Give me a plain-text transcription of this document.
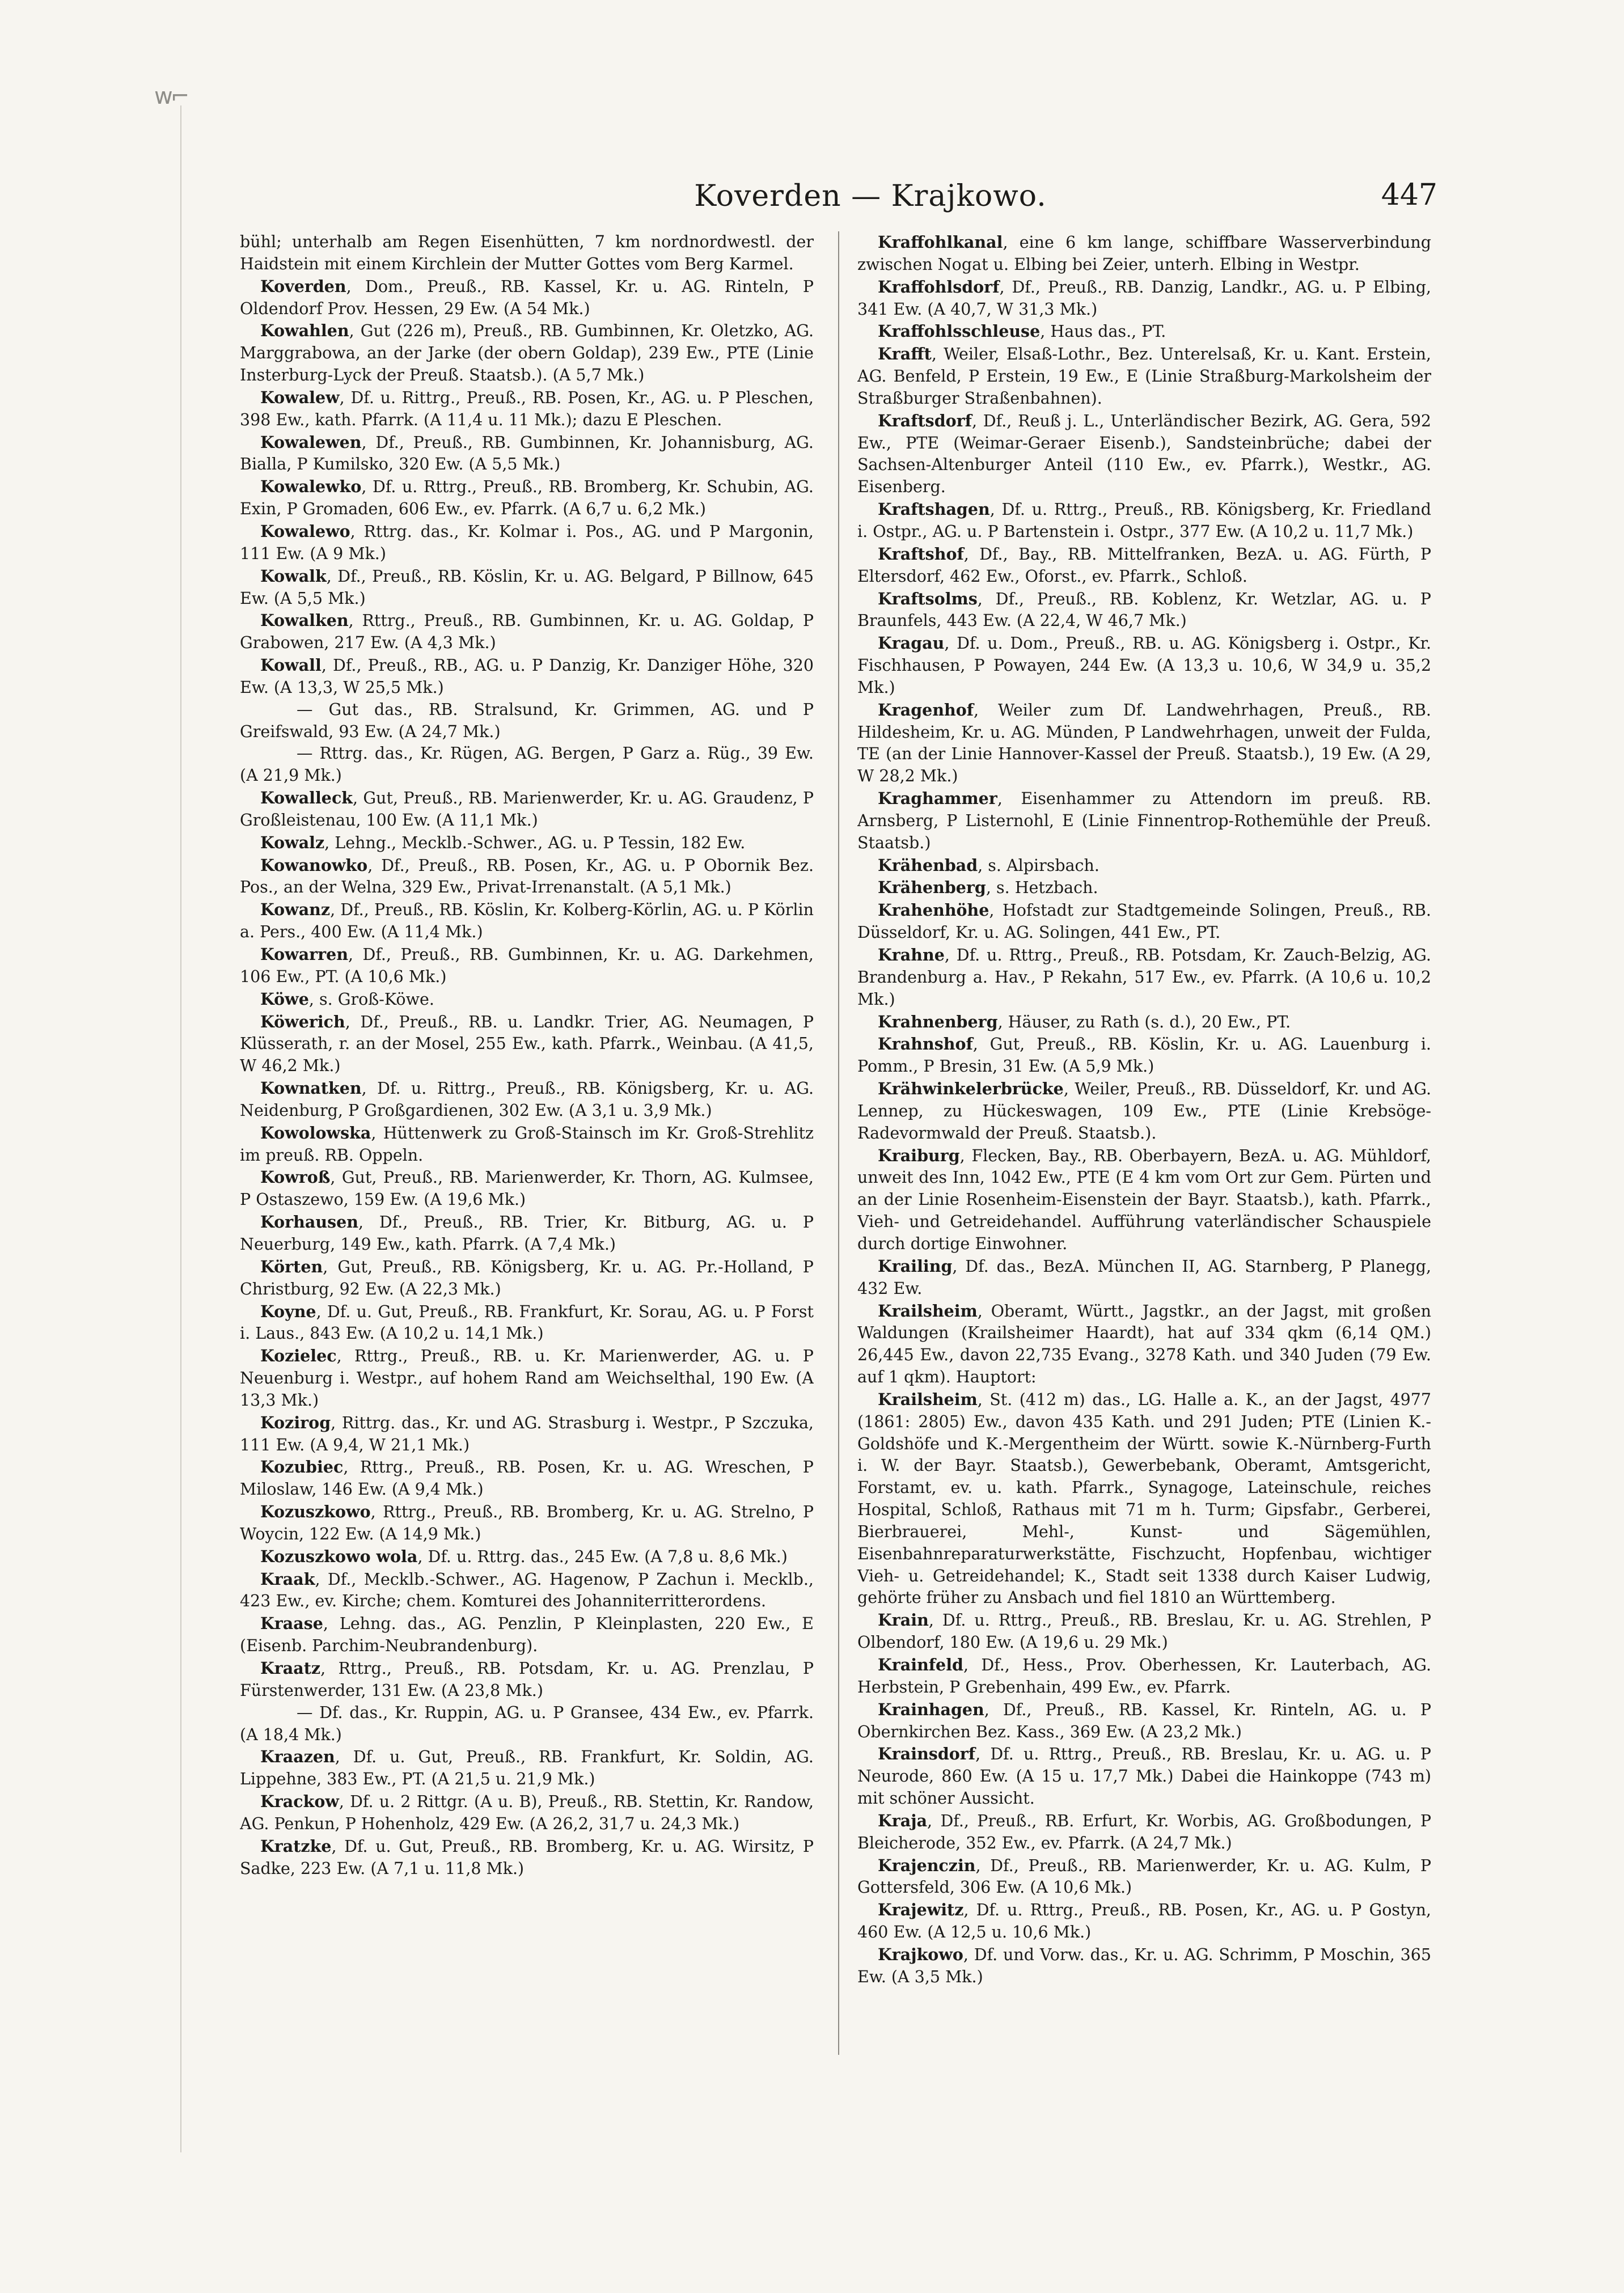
ᴡ⌐
Koverden — Krajkowo.	447

bühl; unterhalb am Regen Eisenhütten, 7 km nordnordwestl. der Haidstein mit einem Kirchlein der Mutter Gottes vom Berg Karmel.

Koverden, Dom., Preuß., RB. Kassel, Kr. u. AG. Rinteln, P Oldendorf Prov. Hessen, 29 Ew. (A 54 Mk.)

Kowahlen, Gut (226 m), Preuß., RB. Gumbinnen, Kr. Oletzko, AG. Marggrabowa, an der Jarke (der obern Goldap), 239 Ew., PTE (Linie Insterburg-Lyck der Preuß. Staatsb.). (A 5,7 Mk.)

Kowalew, Df. u. Rittrg., Preuß., RB. Posen, Kr., AG. u. P Pleschen, 398 Ew., kath. Pfarrk. (A 11,4 u. 11 Mk.); dazu E Pleschen.

Kowalewen, Df., Preuß., RB. Gumbinnen, Kr. Johannisburg, AG. Bialla, P Kumilsko, 320 Ew. (A 5,5 Mk.)

Kowalewko, Df. u. Rttrg., Preuß., RB. Bromberg, Kr. Schubin, AG. Exin, P Gromaden, 606 Ew., ev. Pfarrk. (A 6,7 u. 6,2 Mk.)

Kowalewo, Rttrg. das., Kr. Kolmar i. Pos., AG. und P Margonin, 111 Ew. (A 9 Mk.)

Kowalk, Df., Preuß., RB. Köslin, Kr. u. AG. Belgard, P Billnow, 645 Ew. (A 5,5 Mk.)

Kowalken, Rttrg., Preuß., RB. Gumbinnen, Kr. u. AG. Goldap, P Grabowen, 217 Ew. (A 4,3 Mk.)

Kowall, Df., Preuß., RB., AG. u. P Danzig, Kr. Danziger Höhe, 320 Ew. (A 13,3, W 25,5 Mk.)

— Gut das., RB. Stralsund, Kr. Grimmen, AG. und P Greifswald, 93 Ew. (A 24,7 Mk.)

— Rttrg. das., Kr. Rügen, AG. Bergen, P Garz a. Rüg., 39 Ew. (A 21,9 Mk.)

Kowalleck, Gut, Preuß., RB. Marienwerder, Kr. u. AG. Graudenz, P Großleistenau, 100 Ew. (A 11,1 Mk.)

Kowalz, Lehng., Mecklb.-Schwer., AG. u. P Tessin, 182 Ew.

Kowanowko, Df., Preuß., RB. Posen, Kr., AG. u. P Obornik Bez. Pos., an der Welna, 329 Ew., Privat-Irrenanstalt. (A 5,1 Mk.)

Kowanz, Df., Preuß., RB. Köslin, Kr. Kolberg-Körlin, AG. u. P Körlin a. Pers., 400 Ew. (A 11,4 Mk.)

Kowarren, Df., Preuß., RB. Gumbinnen, Kr. u. AG. Darkehmen, 106 Ew., PT. (A 10,6 Mk.)

Köwe, s. Groß-Köwe.

Köwerich, Df., Preuß., RB. u. Landkr. Trier, AG. Neumagen, P Klüsserath, r. an der Mosel, 255 Ew., kath. Pfarrk., Weinbau. (A 41,5, W 46,2 Mk.)

Kownatken, Df. u. Rittrg., Preuß., RB. Königsberg, Kr. u. AG. Neidenburg, P Großgardienen, 302 Ew. (A 3,1 u. 3,9 Mk.)

Kowolowska, Hüttenwerk zu Groß-Stainsch im Kr. Groß-Strehlitz im preuß. RB. Oppeln.

Kowroß, Gut, Preuß., RB. Marienwerder, Kr. Thorn, AG. Kulmsee, P Ostaszewo, 159 Ew. (A 19,6 Mk.)

Korhausen, Df., Preuß., RB. Trier, Kr. Bitburg, AG. u. P Neuerburg, 149 Ew., kath. Pfarrk. (A 7,4 Mk.)

Körten, Gut, Preuß., RB. Königsberg, Kr. u. AG. Pr.-Holland, P Christburg, 92 Ew. (A 22,3 Mk.)

Koyne, Df. u. Gut, Preuß., RB. Frankfurt, Kr. Sorau, AG. u. P Forst i. Laus., 843 Ew. (A 10,2 u. 14,1 Mk.)

Kozielec, Rttrg., Preuß., RB. u. Kr. Marienwerder, AG. u. P Neuenburg i. Westpr., auf hohem Rand am Weichselthal, 190 Ew. (A 13,3 Mk.)

Kozirog, Rittrg. das., Kr. und AG. Strasburg i. Westpr., P Szczuka, 111 Ew. (A 9,4, W 21,1 Mk.)

Kozubiec, Rttrg., Preuß., RB. Posen, Kr. u. AG. Wreschen, P Miloslaw, 146 Ew. (A 9,4 Mk.)

Kozuszkowo, Rttrg., Preuß., RB. Bromberg, Kr. u. AG. Strelno, P Woycin, 122 Ew. (A 14,9 Mk.)

Kozuszkowo wola, Df. u. Rttrg. das., 245 Ew. (A 7,8 u. 8,6 Mk.)

Kraak, Df., Mecklb.-Schwer., AG. Hagenow, P Zachun i. Mecklb., 423 Ew., ev. Kirche; chem. Komturei des Johanniterritterordens.

Kraase, Lehng. das., AG. Penzlin, P Kleinplasten, 220 Ew., E (Eisenb. Parchim-Neubrandenburg).

Kraatz, Rttrg., Preuß., RB. Potsdam, Kr. u. AG. Prenzlau, P Fürstenwerder, 131 Ew. (A 23,8 Mk.)

— Df. das., Kr. Ruppin, AG. u. P Gransee, 434 Ew., ev. Pfarrk. (A 18,4 Mk.)

Kraazen, Df. u. Gut, Preuß., RB. Frankfurt, Kr. Soldin, AG. Lippehne, 383 Ew., PT. (A 21,5 u. 21,9 Mk.)

Krackow, Df. u. 2 Rittgr. (A u. B), Preuß., RB. Stettin, Kr. Randow, AG. Penkun, P Hohenholz, 429 Ew. (A 26,2, 31,7 u. 24,3 Mk.)

Kratzke, Df. u. Gut, Preuß., RB. Bromberg, Kr. u. AG. Wirsitz, P Sadke, 223 Ew. (A 7,1 u. 11,8 Mk.)

Kraffohlkanal, eine 6 km lange, schiffbare Wasserverbindung zwischen Nogat u. Elbing bei Zeier, unterh. Elbing in Westpr.

Kraffohlsdorf, Df., Preuß., RB. Danzig, Landkr., AG. u. P Elbing, 341 Ew. (A 40,7, W 31,3 Mk.)

Kraffohlsschleuse, Haus das., PT.

Krafft, Weiler, Elsaß-Lothr., Bez. Unterelsaß, Kr. u. Kant. Erstein, AG. Benfeld, P Erstein, 19 Ew., E (Linie Straßburg-Markolsheim der Straßburger Straßenbahnen).

Kraftsdorf, Df., Reuß j. L., Unterländischer Bezirk, AG. Gera, 592 Ew., PTE (Weimar-Geraer Eisenb.), Sandsteinbrüche; dabei der Sachsen-Altenburger Anteil (110 Ew., ev. Pfarrk.), Westkr., AG. Eisenberg.

Kraftshagen, Df. u. Rttrg., Preuß., RB. Königsberg, Kr. Friedland i. Ostpr., AG. u. P Bartenstein i. Ostpr., 377 Ew. (A 10,2 u. 11,7 Mk.)

Kraftshof, Df., Bay., RB. Mittelfranken, BezA. u. AG. Fürth, P Eltersdorf, 462 Ew., Oforst., ev. Pfarrk., Schloß.

Kraftsolms, Df., Preuß., RB. Koblenz, Kr. Wetzlar, AG. u. P Braunfels, 443 Ew. (A 22,4, W 46,7 Mk.)

Kragau, Df. u. Dom., Preuß., RB. u. AG. Königsberg i. Ostpr., Kr. Fischhausen, P Powayen, 244 Ew. (A 13,3 u. 10,6, W 34,9 u. 35,2 Mk.)

Kragenhof, Weiler zum Df. Landwehrhagen, Preuß., RB. Hildesheim, Kr. u. AG. Münden, P Landwehrhagen, unweit der Fulda, TE (an der Linie Hannover-Kassel der Preuß. Staatsb.), 19 Ew. (A 29, W 28,2 Mk.)

Kraghammer, Eisenhammer zu Attendorn im preuß. RB. Arnsberg, P Listernohl, E (Linie Finnentrop-Rothemühle der Preuß. Staatsb.)

Krähenbad, s. Alpirsbach.

Krähenberg, s. Hetzbach.

Krahenhöhe, Hofstadt zur Stadtgemeinde Solingen, Preuß., RB. Düsseldorf, Kr. u. AG. Solingen, 441 Ew., PT.

Krahne, Df. u. Rttrg., Preuß., RB. Potsdam, Kr. Zauch-Belzig, AG. Brandenburg a. Hav., P Rekahn, 517 Ew., ev. Pfarrk. (A 10,6 u. 10,2 Mk.)

Krahnenberg, Häuser, zu Rath (s. d.), 20 Ew., PT.

Krahnshof, Gut, Preuß., RB. Köslin, Kr. u. AG. Lauenburg i. Pomm., P Bresin, 31 Ew. (A 5,9 Mk.)

Krähwinkelerbrücke, Weiler, Preuß., RB. Düsseldorf, Kr. und AG. Lennep, zu Hückeswagen, 109 Ew., PTE (Linie Krebsöge-Radevormwald der Preuß. Staatsb.).

Kraiburg, Flecken, Bay., RB. Oberbayern, BezA. u. AG. Mühldorf, unweit des Inn, 1042 Ew., PTE (E 4 km vom Ort zur Gem. Pürten und an der Linie Rosenheim-Eisenstein der Bayr. Staatsb.), kath. Pfarrk., Vieh- und Getreidehandel. Aufführung vaterländischer Schauspiele durch dortige Einwohner.

Krailing, Df. das., BezA. München II, AG. Starnberg, P Planegg, 432 Ew.

Krailsheim, Oberamt, Württ., Jagstkr., an der Jagst, mit großen Waldungen (Krailsheimer Haardt), hat auf 334 qkm (6,14 QM.) 26,445 Ew., davon 22,735 Evang., 3278 Kath. und 340 Juden (79 Ew. auf 1 qkm). Hauptort:

Krailsheim, St. (412 m) das., LG. Halle a. K., an der Jagst, 4977 (1861: 2805) Ew., davon 435 Kath. und 291 Juden; PTE (Linien K.-Goldshöfe und K.-Mergentheim der Württ. sowie K.-Nürnberg-Furth i. W. der Bayr. Staatsb.), Gewerbebank, Oberamt, Amtsgericht, Forstamt, ev. u. kath. Pfarrk., Synagoge, Lateinschule, reiches Hospital, Schloß, Rathaus mit 71 m h. Turm; Gipsfabr., Gerberei, Bierbrauerei, Mehl-, Kunst- und Sägemühlen, Eisenbahnreparaturwerkstätte, Fischzucht, Hopfenbau, wichtiger Vieh- u. Getreidehandel; K., Stadt seit 1338 durch Kaiser Ludwig, gehörte früher zu Ansbach und fiel 1810 an Württemberg.

Krain, Df. u. Rttrg., Preuß., RB. Breslau, Kr. u. AG. Strehlen, P Olbendorf, 180 Ew. (A 19,6 u. 29 Mk.)

Krainfeld, Df., Hess., Prov. Oberhessen, Kr. Lauterbach, AG. Herbstein, P Grebenhain, 499 Ew., ev. Pfarrk.

Krainhagen, Df., Preuß., RB. Kassel, Kr. Rinteln, AG. u. P Obernkirchen Bez. Kass., 369 Ew. (A 23,2 Mk.)

Krainsdorf, Df. u. Rttrg., Preuß., RB. Breslau, Kr. u. AG. u. P Neurode, 860 Ew. (A 15 u. 17,7 Mk.) Dabei die Hainkoppe (743 m) mit schöner Aussicht.

Kraja, Df., Preuß., RB. Erfurt, Kr. Worbis, AG. Großbodungen, P Bleicherode, 352 Ew., ev. Pfarrk. (A 24,7 Mk.)

Krajenczin, Df., Preuß., RB. Marienwerder, Kr. u. AG. Kulm, P Gottersfeld, 306 Ew. (A 10,6 Mk.)

Krajewitz, Df. u. Rttrg., Preuß., RB. Posen, Kr., AG. u. P Gostyn, 460 Ew. (A 12,5 u. 10,6 Mk.)

Krajkowo, Df. und Vorw. das., Kr. u. AG. Schrimm, P Moschin, 365 Ew. (A 3,5 Mk.)
